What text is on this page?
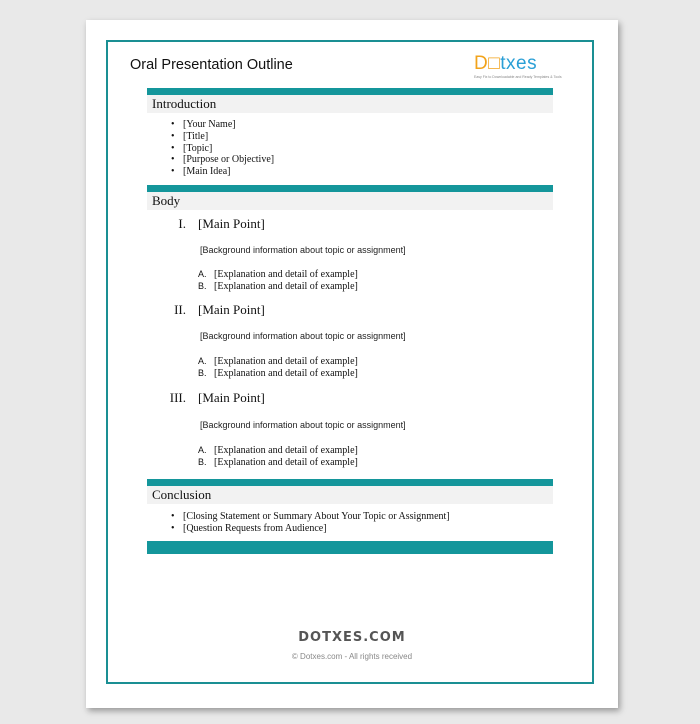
Oral Presentation Outline	D□txes
Easy Fix to Downloadable and Ready Templates & Tools
Introduction
• [Your Name]
• [Title]
• [Topic]
• [Purpose or Objective]
• [Main Idea]
Body
I. [Main Point]
[Background information about topic or assignment]
A. [Explanation and detail of example]
B. [Explanation and detail of example]
II. [Main Point]
[Background information about topic or assignment]
A. [Explanation and detail of example]
B. [Explanation and detail of example]
III. [Main Point]
[Background information about topic or assignment]
A. [Explanation and detail of example]
B. [Explanation and detail of example]
Conclusion
• [Closing Statement or Summary About Your Topic or Assignment]
• [Question Requests from Audience]
DOTXES.COM
© Dotxes.com - All rights received
